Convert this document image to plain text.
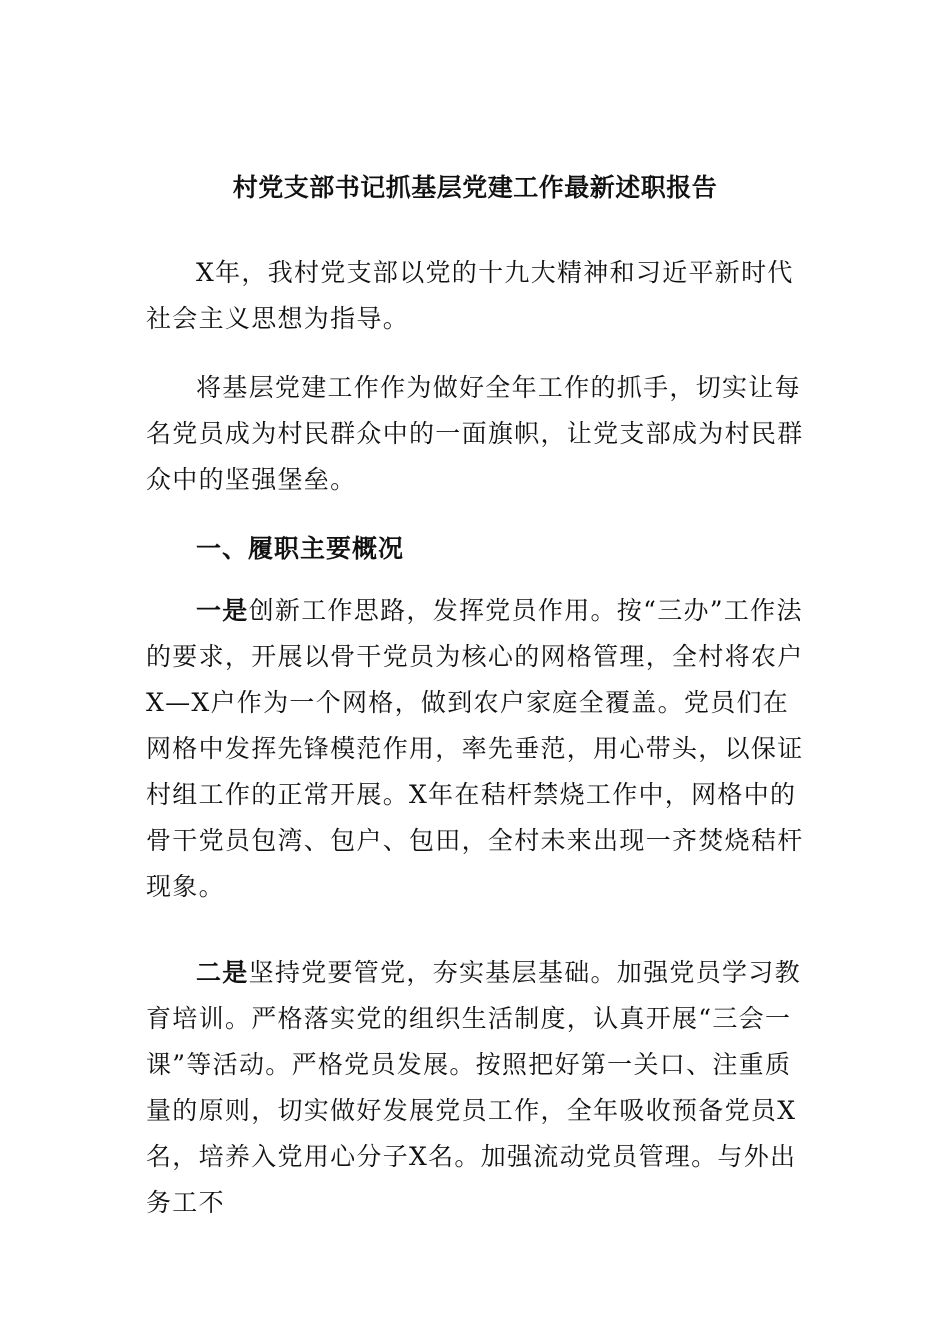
村党支部书记抓基层党建工作最新述职报告

X年，我村党支部以党的十九大精神和习近平新时代社会主义思想为指导。

将基层党建工作作为做好全年工作的抓手，切实让每名党员成为村民群众中的一面旗帜，让党支部成为村民群众中的坚强堡垒。

一、履职主要概况

一是创新工作思路，发挥党员作用。按“三办”工作法的要求，开展以骨干党员为核心的网格管理，全村将农户X—X户作为一个网格，做到农户家庭全覆盖。党员们在网格中发挥先锋模范作用，率先垂范，用心带头，以保证村组工作的正常开展。X年在秸杆禁烧工作中，网格中的骨干党员包湾、包户、包田，全村未来出现一齐焚烧秸杆现象。

二是坚持党要管党，夯实基层基础。加强党员学习教育培训。严格落实党的组织生活制度，认真开展“三会一课”等活动。严格党员发展。按照把好第一关口、注重质量的原则，切实做好发展党员工作，全年吸收预备党员X名，培养入党用心分子X名。加强流动党员管理。与外出务工不
